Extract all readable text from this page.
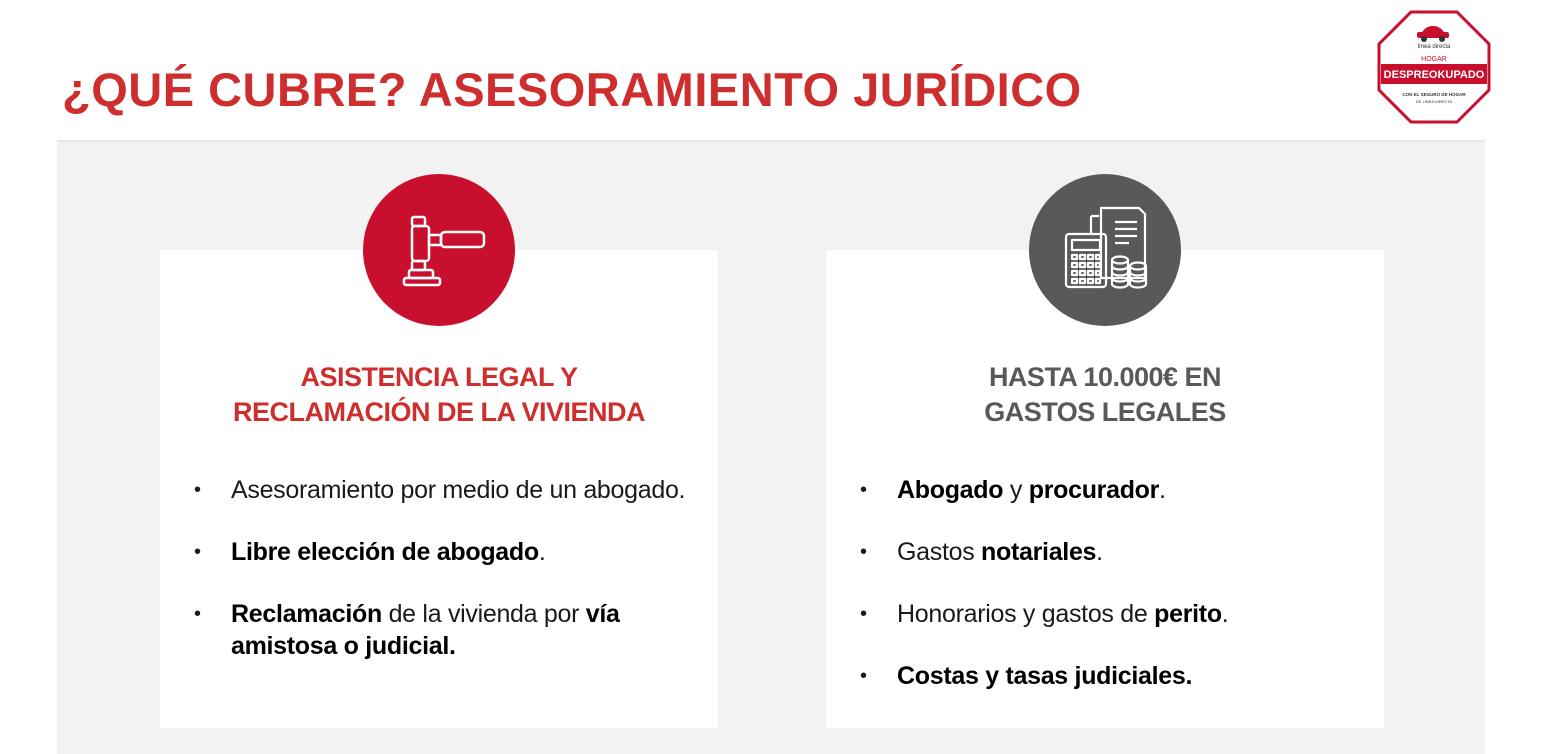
¿QUÉ CUBRE? ASESORAMIENTO JURÍDICO
línea directa
HOGAR
DESPREOKUPADO
CON EL SEGURO DE HOGAR
DE LÍNEA DIRECTA
ASISTENCIA LEGAL Y
RECLAMACIÓN DE LA VIVIENDA
• Asesoramiento por medio de un abogado.
• Libre elección de abogado.
• Reclamación de la vivienda por vía amistosa o judicial.
HASTA 10.000€ EN
GASTOS LEGALES
• Abogado y procurador.
• Gastos notariales.
• Honorarios y gastos de perito.
• Costas y tasas judiciales.
